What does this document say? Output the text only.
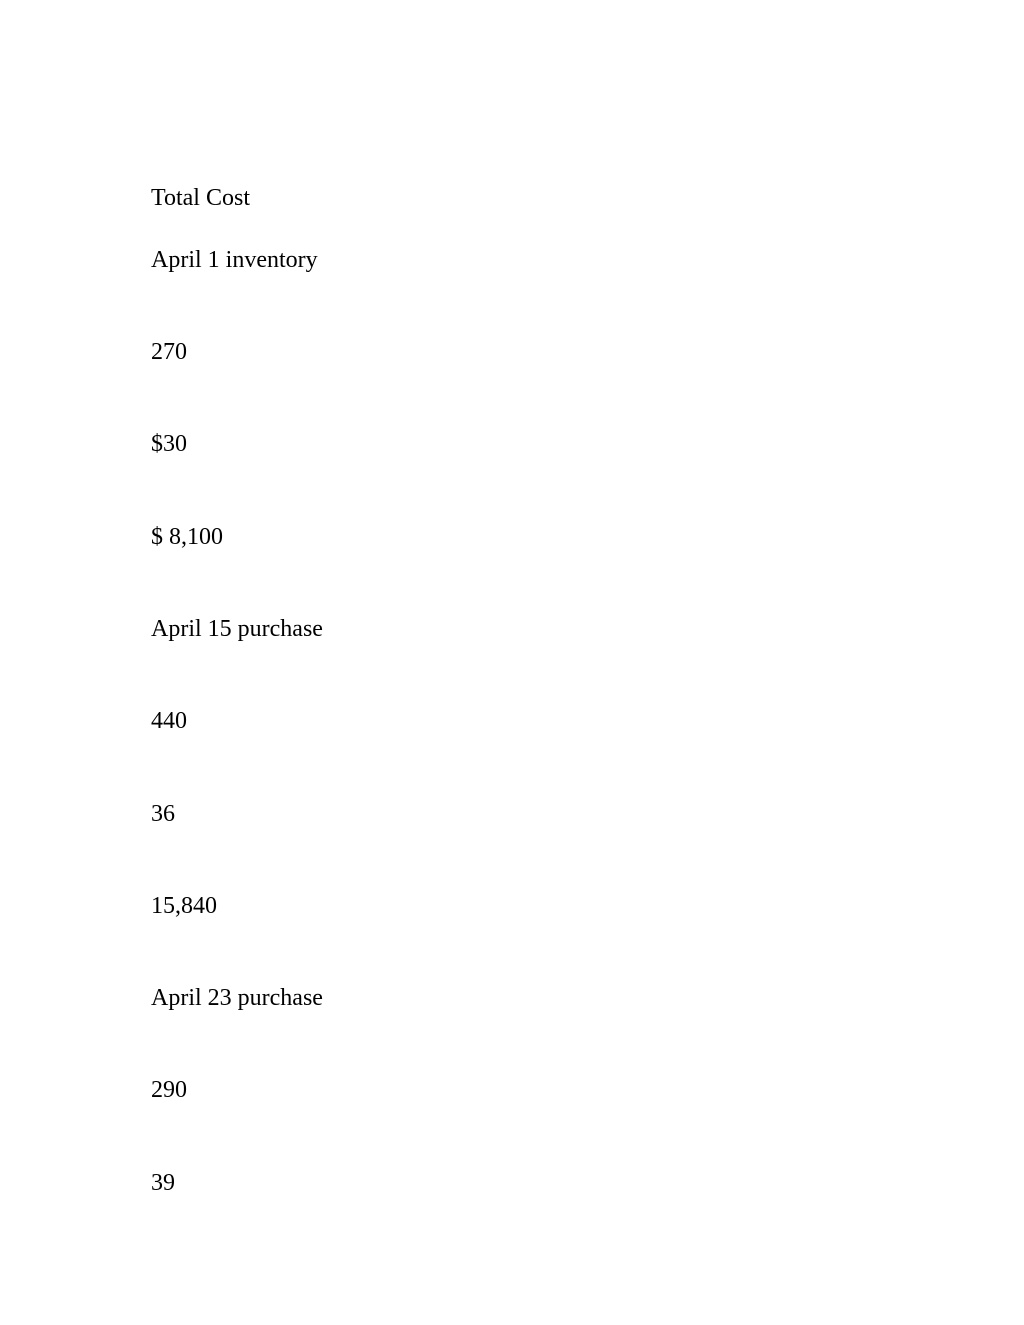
Total Cost
April 1 inventory
270
$30
$ 8,100
April 15 purchase
440
36
15,840
April 23 purchase
290
39
